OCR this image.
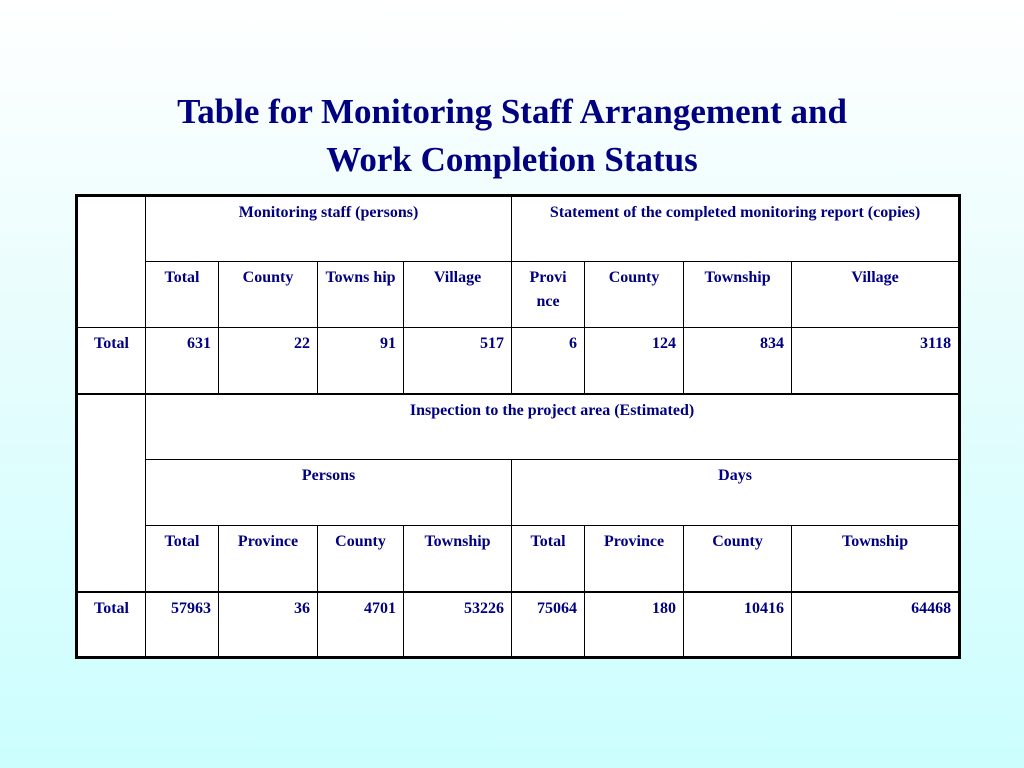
Table for Monitoring Staff Arrangement and
Work Completion Status
	Monitoring staff (persons)				Statement of the completed monitoring report (copies)			
	Total	County	Towns hip	Village	Provi nce	County	Township	Village
Total	631	22	91	517	6	124	834	3118
	Inspection to the project area (Estimated)							
	Persons				Days			
	Total	Province	County	Township	Total	Province	County	Township
Total	57963	36	4701	53226	75064	180	10416	64468
